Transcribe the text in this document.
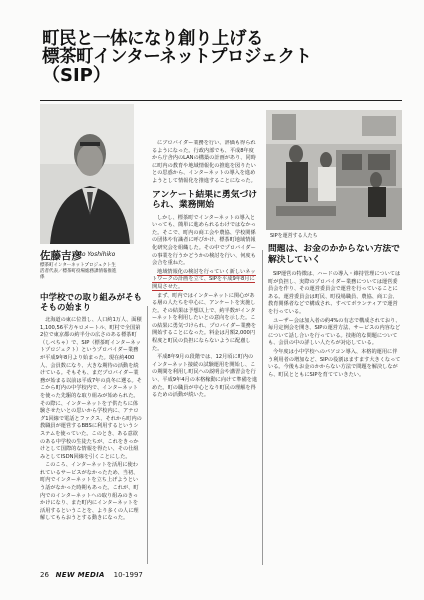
町民と一体になり創り上げる
標茶町インターネットプロジェクト
（SIP）
SIPを運営する人たち
佐藤吉彦
Sato Yoshihiko
標茶町インターネットプロジェクト生活者代表／標茶町役場総務課情報推進係
中学校での取り組みがそもそもの始まり

北海道の東に位置し、人口約1万人、面積1,100,56平方キロメートル、町村で全国第2位で東京都の約半分の広さのある標茶町（しべちゃ）で、SIP（標茶町インターネットプロジェクト）というプロバイダー業務が平成9年8月より始まった。現在約400人、会員数になり、大きな期待の活動を続けている。そもそも、まだプロバイダー業務が始まる以前は平成7年の真冬に遡る。そこから町内の中学校内で、インターネットを使った先駆的な取り組みが始められた。その際に、インターネットを子供たちに体験させたいとの思いから学校内に、アナログ1回線で電話とファクス、それから町内の教職員が運営するBBSに利用するというシステムを使っていた。このとき、ある意欲のある中学校の生徒たちが、これをきっかけとして国際的な情報を得たい、その仕組みとしてISDN回線を引くことにした。

このころ、インターネットを活用に使われているサービスがなかったため、当初、町内でインターネットを立ち上げようという話がなかった時期もあった。これが、町内でのインターネットへの取り組みのきっかけになり、また町内にインターネットを活用するということを、より多くの人に理解してもらおうとする動きになった。

にプロバイダー業務を行い、評価も得られるようになった。行政内部でも、平成8年度から庁舎内のLANの構築の計画があり、同時に町内の教育や地域情報化の推進を図りたいとの思惑から、インターネットの導入を進めようとして情報化を推進することになった。

アンケート結果に勇気づけられ、業務開始

しかし、標茶町でインターネットの導入といっても、簡単に進められるわけではなかった。そこで、町内の商工会や農協、学校関係の団体や有識者に呼びかけ、標茶町地域情報化研究会を組織した。その中でプロバイダーの事業を行うかどうかの検討を行い、何度も会合を重ねた。

地域情報化の検討を行っていく新しいネットワークの計画を立て、SIPを平成9年8月に開局させた。

まず、町内ではインターネットに関心がある層の人たちを中心に、アンケートを実施した。その結果は予想以上で、約半数がインターネットを利用したいとの意向を示した。この結果に勇気づけられ、プロバイダー業務を開始することになった。料金は月額2,000円程度と町民の負担にならないように配慮した。

平成8年9月の段階では、12月頃に町内のインターネット接続の試験運用を開始し、この期間を利用し町民への説明会や講習会を行い、平成9年4月の本格稼動に向けて準備を進めた。町の職員が中心となり町民の理解を得るための活動が続いた。

問題は、お金のかからない方法で解決していく

SIP運営の特徴は、ハードの導入・維持管理については町が負担し、実際のプロバイダー業務については運営委員会を作り、その運営委員会で運営を行っていることにある。運営委員会は町民、町役場職員、農協、商工会、教育関係者などで構成され、すべてボランティアで運営を行っている。

ユーザー会は加入者の約4%の有志で構成されており、毎月定例会を開き、SIPの運営方法、サービスの内容などについて話し合いを行っている。技術的な問題についても、会員の中の詳しい人たちが対応している。

今年度は小中学校へのパソコン導入、本格的運用に伴う利用者の増加など、SIPの役割はますます大きくなっている。今後もお金のかからない方法で問題を解決しながら、町民とともにSIPを育てていきたい。

26 NEW MEDIA 10-1997
